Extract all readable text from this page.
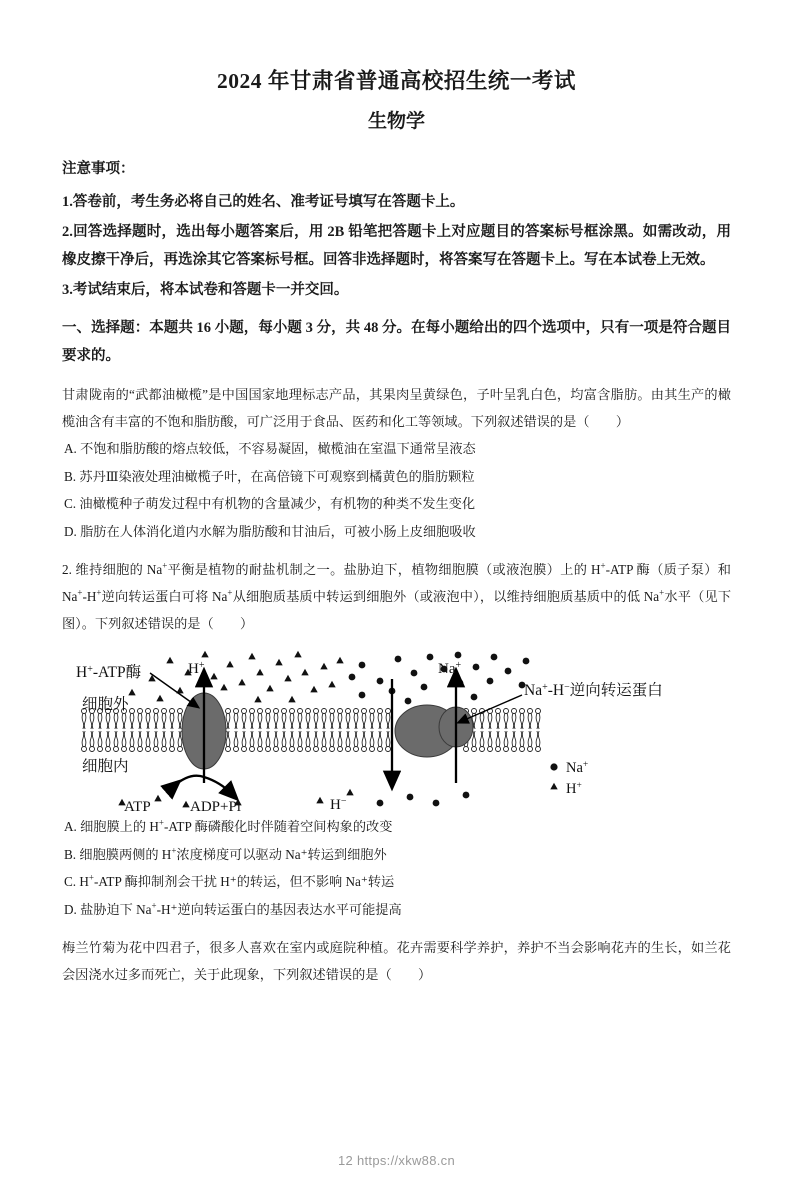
2024 年甘肃省普通高校招生统一考试
生物学
注意事项：
1.答卷前，考生务必将自己的姓名、准考证号填写在答题卡上。
2.回答选择题时，选出每小题答案后，用 2B 铅笔把答题卡上对应题目的答案标号框涂黑。如需改动，用橡皮擦干净后，再选涂其它答案标号框。回答非选择题时，将答案写在答题卡上。写在本试卷上无效。
3.考试结束后，将本试卷和答题卡一并交回。
一、选择题：本题共 16 小题，每小题 3 分，共 48 分。在每小题给出的四个选项中，只有一项是符合题目要求的。
甘肃陇南的“武都油橄榄”是中国国家地理标志产品，其果肉呈黄绿色，子叶呈乳白色，均富含脂肪。由其生产的橄榄油含有丰富的不饱和脂肪酸，可广泛用于食品、医药和化工等领域。下列叙述错误的是（　　）
A. 不饱和脂肪酸的熔点较低，不容易凝固，橄榄油在室温下通常呈液态
B. 苏丹Ⅲ染液处理油橄榄子叶，在高倍镜下可观察到橘黄色的脂肪颗粒
C. 油橄榄种子萌发过程中有机物的含量减少，有机物的种类不发生变化
D. 脂肪在人体消化道内水解为脂肪酸和甘油后，可被小肠上皮细胞吸收
2. 维持细胞的 Na+平衡是植物的耐盐机制之一。盐胁迫下，植物细胞膜（或液泡膜）上的 H+-ATP 酶（质子泵）和 Na+-H+逆向转运蛋白可将 Na+从细胞质基质中转运到细胞外（或液泡中），以维持细胞质基质中的低 Na+水平（见下图）。下列叙述错误的是（　　）
H+-ATP酶
细胞外
细胞内
H+
ATP	ADP+Pi
Na+
H−
Na+-H−逆向转运蛋白
Na+
H+
A. 细胞膜上的 H+-ATP 酶磷酸化时伴随着空间构象的改变
B. 细胞膜两侧的 H+浓度梯度可以驱动 Na⁺转运到细胞外
C. H+-ATP 酶抑制剂会干扰 H⁺的转运，但不影响 Na⁺转运
D. 盐胁迫下 Na+-H⁺逆向转运蛋白的基因表达水平可能提高
梅兰竹菊为花中四君子，很多人喜欢在室内或庭院种植。花卉需要科学养护，养护不当会影响花卉的生长，如兰花会因浇水过多而死亡，关于此现象，下列叙述错误的是（　　）
12 https://xkw88.cn
